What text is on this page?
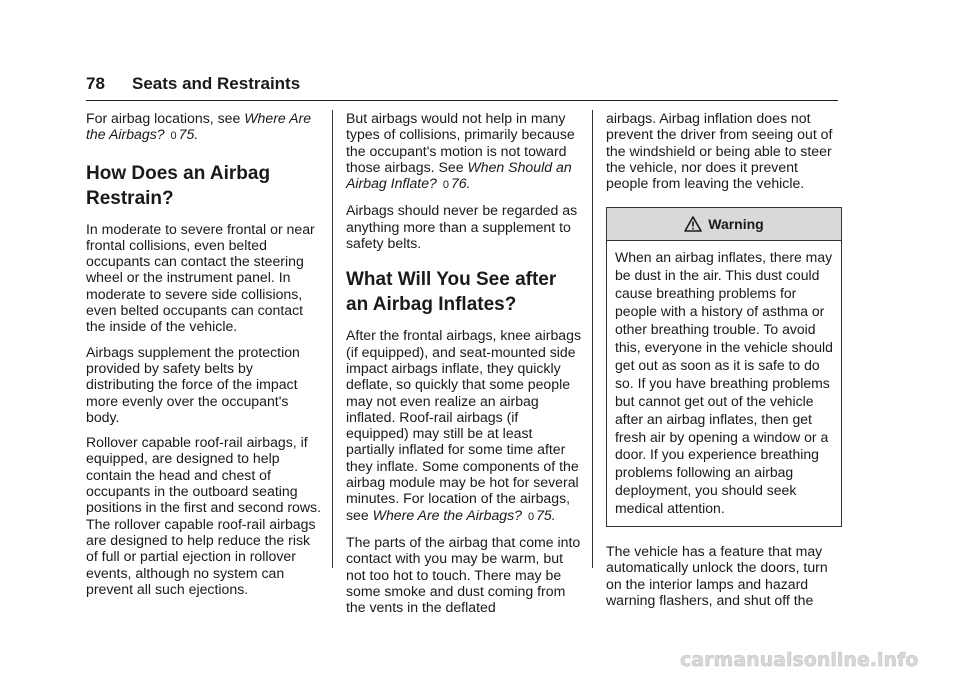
78 Seats and Restraints

For airbag locations, see Where Are the Airbags? 0 75.

How Does an Airbag Restrain?

In moderate to severe frontal or near frontal collisions, even belted occupants can contact the steering wheel or the instrument panel. In moderate to severe side collisions, even belted occupants can contact the inside of the vehicle.

Airbags supplement the protection provided by safety belts by distributing the force of the impact more evenly over the occupant's body.

Rollover capable roof-rail airbags, if equipped, are designed to help contain the head and chest of occupants in the outboard seating positions in the first and second rows. The rollover capable roof-rail airbags are designed to help reduce the risk of full or partial ejection in rollover events, although no system can prevent all such ejections.

But airbags would not help in many types of collisions, primarily because the occupant's motion is not toward those airbags. See When Should an Airbag Inflate? 0 76.

Airbags should never be regarded as anything more than a supplement to safety belts.

What Will You See after an Airbag Inflates?

After the frontal airbags, knee airbags (if equipped), and seat-mounted side impact airbags inflate, they quickly deflate, so quickly that some people may not even realize an airbag inflated. Roof-rail airbags (if equipped) may still be at least partially inflated for some time after they inflate. Some components of the airbag module may be hot for several minutes. For location of the airbags, see Where Are the Airbags? 0 75.

The parts of the airbag that come into contact with you may be warm, but not too hot to touch. There may be some smoke and dust coming from the vents in the deflated

airbags. Airbag inflation does not prevent the driver from seeing out of the windshield or being able to steer the vehicle, nor does it prevent people from leaving the vehicle.

Warning
When an airbag inflates, there may be dust in the air. This dust could cause breathing problems for people with a history of asthma or other breathing trouble. To avoid this, everyone in the vehicle should get out as soon as it is safe to do so. If you have breathing problems but cannot get out of the vehicle after an airbag inflates, then get fresh air by opening a window or a door. If you experience breathing problems following an airbag deployment, you should seek medical attention.

The vehicle has a feature that may automatically unlock the doors, turn on the interior lamps and hazard warning flashers, and shut off the

carmanualsonline.info
